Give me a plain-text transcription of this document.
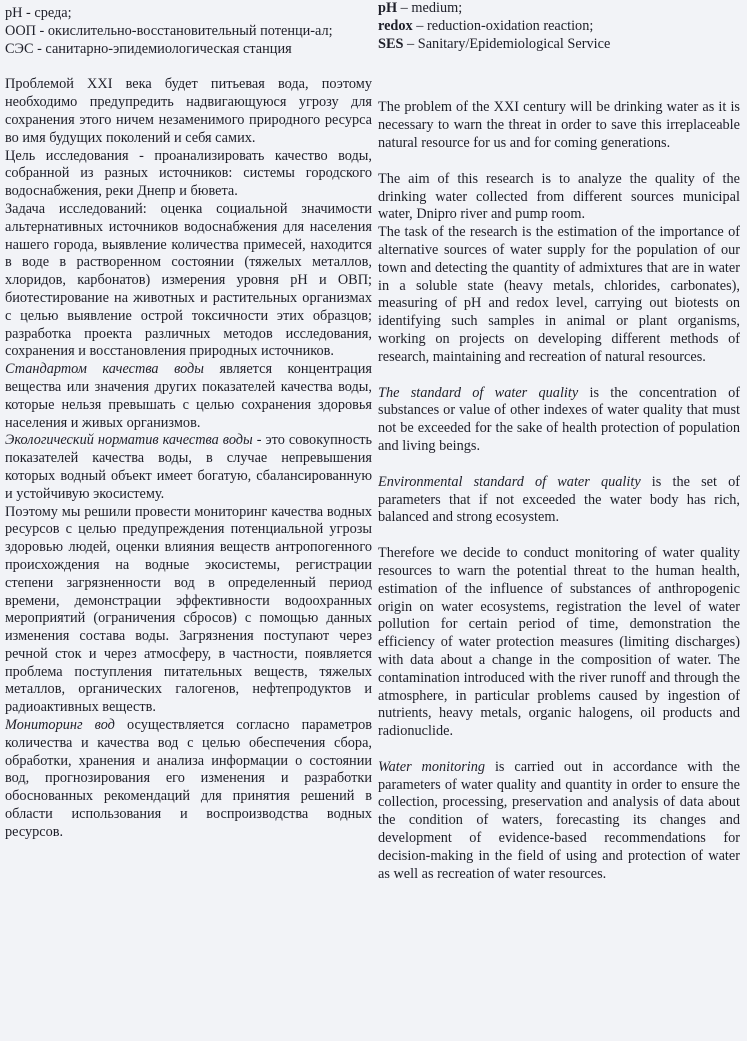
pH - среда;
ООП - окислительно-восстановительный потенци-ал;
СЭС - санитарно-эпидемиологическая станция

Проблемой XXI века будет питьевая вода, поэтому необходимо предупредить надвигающуюся угрозу для сохранения этого ничем незаменимого природного ресурса во имя будущих поколений и себя самих.

Цель исследования - проанализировать качество воды, собранной из разных источников: системы городского водоснабжения, реки Днепр и бювета.

Задача исследований: оценка социальной значимости альтернативных источников водоснабжения для населения нашего города, выявление количества примесей, находится в воде в растворенном состоянии (тяжелых металлов, хлоридов, карбонатов) измерения уровня pH и ОВП; биотестирование на животных и растительных организмах с целью выявление острой токсичности этих образцов; разработка проекта различных методов исследования, сохранения и восстановления природных источников.

Стандартом качества воды является концентрация вещества или значения других показателей качества воды, которые нельзя превышать с целью сохранения здоровья населения и живых организмов.

Экологический норматив качества воды - это совокупность показателей качества воды, в случае непревышения которых водный объект имеет богатую, сбалансированную и устойчивую экосистему.

Поэтому мы решили провести мониторинг качества водных ресурсов с целью предупреждения потенциальной угрозы здоровью людей, оценки влияния веществ антропогенного происхождения на водные экосистемы, регистрации степени загрязненности вод в определенный период времени, демонстрации эффективности водоохранных мероприятий (ограничения сбросов) с помощью данных изменения состава воды. Загрязнения поступают через речной сток и через атмосферу, в частности, появляется проблема поступления питательных веществ, тяжелых металлов, органических галогенов, нефтепродуктов и радиоактивных веществ.

Мониторинг вод осуществляется согласно параметров количества и качества вод с целью обеспечения сбора, обработки, хранения и анализа информации о состоянии вод, прогнозирования его изменения и разработки обоснованных рекомендаций для принятия решений в области использования и воспроизводства водных ресурсов.

pH – medium;
redox – reduction-oxidation reaction;
SES – Sanitary/Epidemiological Service

The problem of the XXI century will be drinking water as it is necessary to warn the threat in order to save this irreplaceable natural resource for us and for coming generations.

The aim of this research is to analyze the quality of the drinking water collected from different sources municipal water, Dnipro river and pump room.

The task of the research is the estimation of the importance of alternative sources of water supply for the population of our town and detecting the quantity of admixtures that are in water in a soluble state (heavy metals, chlorides, carbonates), measuring of pH and redox level, carrying out biotests on identifying such samples in animal or plant organisms, working on projects on developing different methods of research, maintaining and recreation of natural resources.

The standard of water quality is the concentration of substances or value of other indexes of water quality that must not be exceeded for the sake of health protection of population and living beings.

Environmental standard of water quality is the set of parameters that if not exceeded the water body has rich, balanced and strong ecosystem.

Therefore we decide to conduct monitoring of water quality resources to warn the potential threat to the human health, estimation of the influence of substances of anthropogenic origin on water ecosystems, registration the level of water pollution for certain period of time, demonstration the efficiency of water protection measures (limiting discharges) with data about a change in the composition of water. The contamination introduced with the river runoff and through the atmosphere, in particular problems caused by ingestion of nutrients, heavy metals, organic halogens, oil products and radionuclide.

Water monitoring is carried out in accordance with the parameters of water quality and quantity in order to ensure the collection, processing, preservation and analysis of data about the condition of waters, forecasting its changes and development of evidence-based recommendations for decision-making in the field of using and protection of water as well as recreation of water resources.
